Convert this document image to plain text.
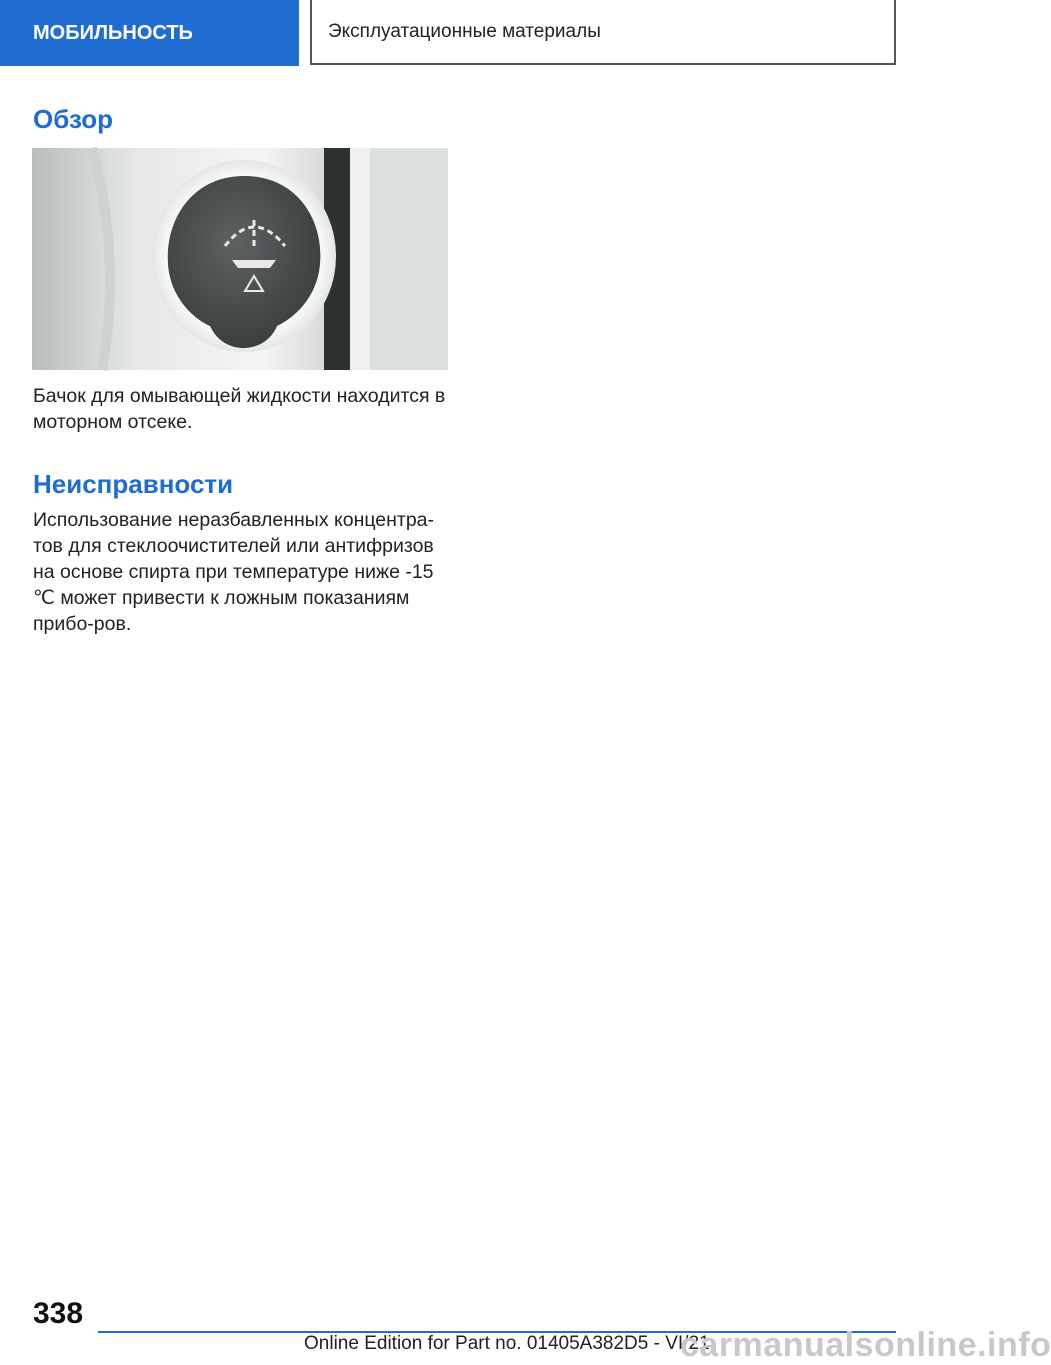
МОБИЛЬНОСТЬ	Эксплуатационные материалы
Обзор

Бачок для омывающей жидкости находится в моторном отсеке.

Неисправности

Использование неразбавленных концентра-тов для стеклоочистителей или антифризов на основе спирта при температуре ниже -15 ℃ может привести к ложным показаниям прибо-ров.

338
Online Edition for Part no. 01405A382D5 - VI/21
carmanualsonline.info
